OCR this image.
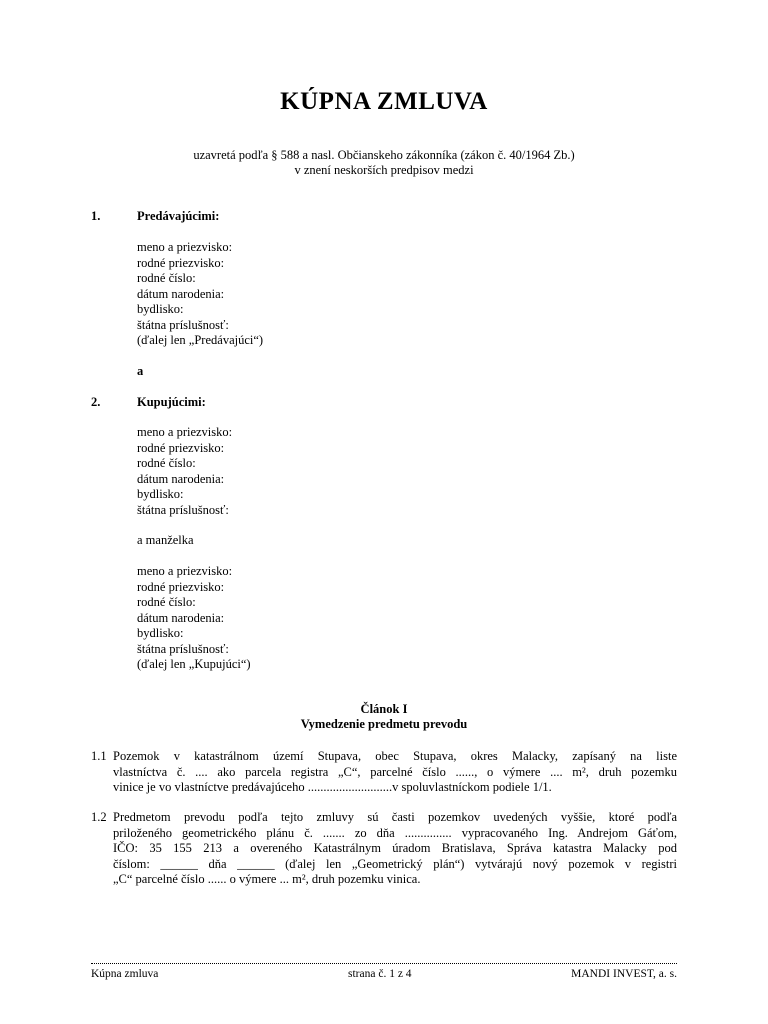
KÚPNA ZMLUVA
uzavretá podľa § 588 a nasl. Občianskeho zákonníka (zákon č. 40/1964 Zb.)
v znení neskorších predpisov medzi
1.	Predávajúcimi:
meno a priezvisko:
rodné priezvisko:
rodné číslo:
dátum narodenia:
bydlisko:
štátna príslušnosť:
(ďalej len „Predávajúci“)
a
2.	Kupujúcimi:
meno a priezvisko:
rodné priezvisko:
rodné číslo:
dátum narodenia:
bydlisko:
štátna príslušnosť:
a manželka
meno a priezvisko:
rodné priezvisko:
rodné číslo:
dátum narodenia:
bydlisko:
štátna príslušnosť:
(ďalej len „Kupujúci“)
Článok I
Vymedzenie predmetu prevodu
1.1 Pozemok v katastrálnom území Stupava, obec Stupava, okres Malacky, zapísaný na liste
vlastníctva č. .... ako parcela registra „C“, parcelné číslo ......, o výmere .... m², druh pozemku
vinice je vo vlastníctve predávajúceho ...........................v spoluvlastníckom podiele 1/1.
1.2 Predmetom prevodu podľa tejto zmluvy sú časti pozemkov uvedených vyššie, ktoré podľa
priloženého geometrického plánu č. ....... zo dňa ............... vypracovaného Ing. Andrejom Gáťom,
IČO: 35 155 213 a overeného Katastrálnym úradom Bratislava, Správa katastra Malacky pod
číslom: ______ dňa ______ (ďalej len „Geometrický plán“) vytvárajú nový pozemok v registri
„C“ parcelné číslo ...... o výmere ... m², druh pozemku vinica.
Kúpna zmluva	strana č. 1 z 4	MANDI INVEST, a. s.
